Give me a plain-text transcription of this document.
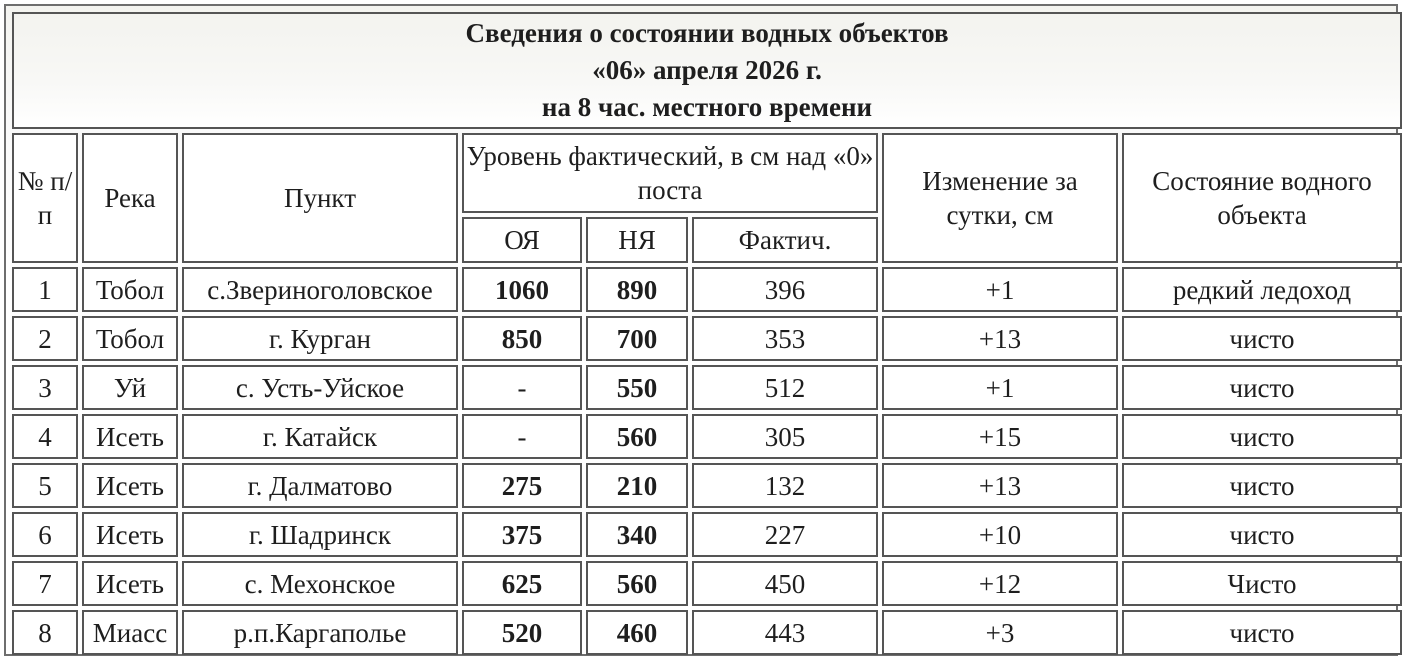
Сведения о состоянии водных объектов
«06» апреля 2026 г.
на 8 час. местного времени							

№ п/п	Река	Пункт	Уровень фактический, в см над «0» поста			Изменение за сутки, см	Состояние водного объекта
			ОЯ	НЯ	Фактич.		
1	Тобол	с.Звериноголовское	1060	890	396	+1	редкий ледоход
2	Тобол	г. Курган	850	700	353	+13	чисто
3	Уй	с. Усть-Уйское	-	550	512	+1	чисто
4	Исеть	г. Катайск	-	560	305	+15	чисто
5	Исеть	г. Далматово	275	210	132	+13	чисто
6	Исеть	г. Шадринск	375	340	227	+10	чисто
7	Исеть	с. Мехонское	625	560	450	+12	Чисто
8	Миасс	р.п.Каргаполье	520	460	443	+3	чисто
